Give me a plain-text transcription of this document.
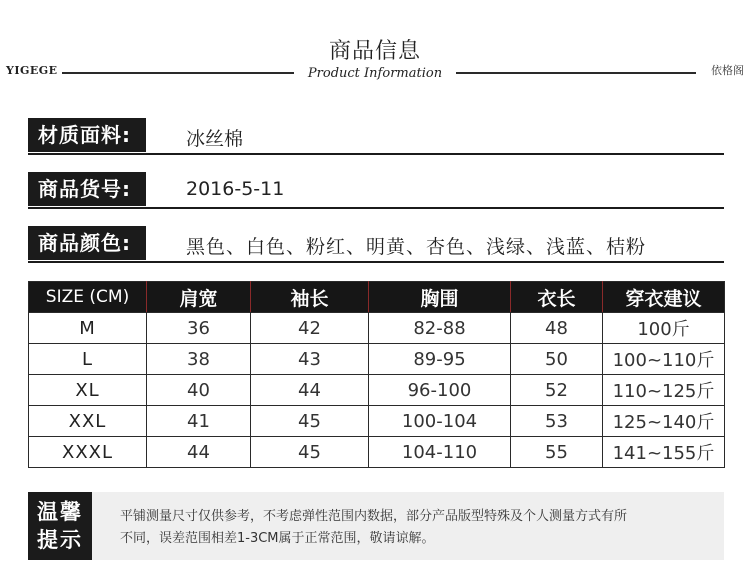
商品信息
YIGEGE	Product Information	依格阁
材质面料:	冰丝棉
商品货号:	2016-5-11
商品颜色:	黑色、白色、粉红、明黄、杏色、浅绿、浅蓝、桔粉
SIZE (CM)	肩宽	袖长	胸围	衣长	穿衣建议
M	36	42	82-88	48	100斤
L	38	43	89-95	50	100~110斤
XL	40	44	96-100	52	110~125斤
XXL	41	45	100-104	53	125~140斤
XXXL	44	45	104-110	55	141~155斤
温馨
提示
平铺测量尺寸仅供参考，不考虑弹性范围内数据，部分产品版型特殊及个人测量方式有所
不同，误差范围相差1-3CM属于正常范围，敬请谅解。
